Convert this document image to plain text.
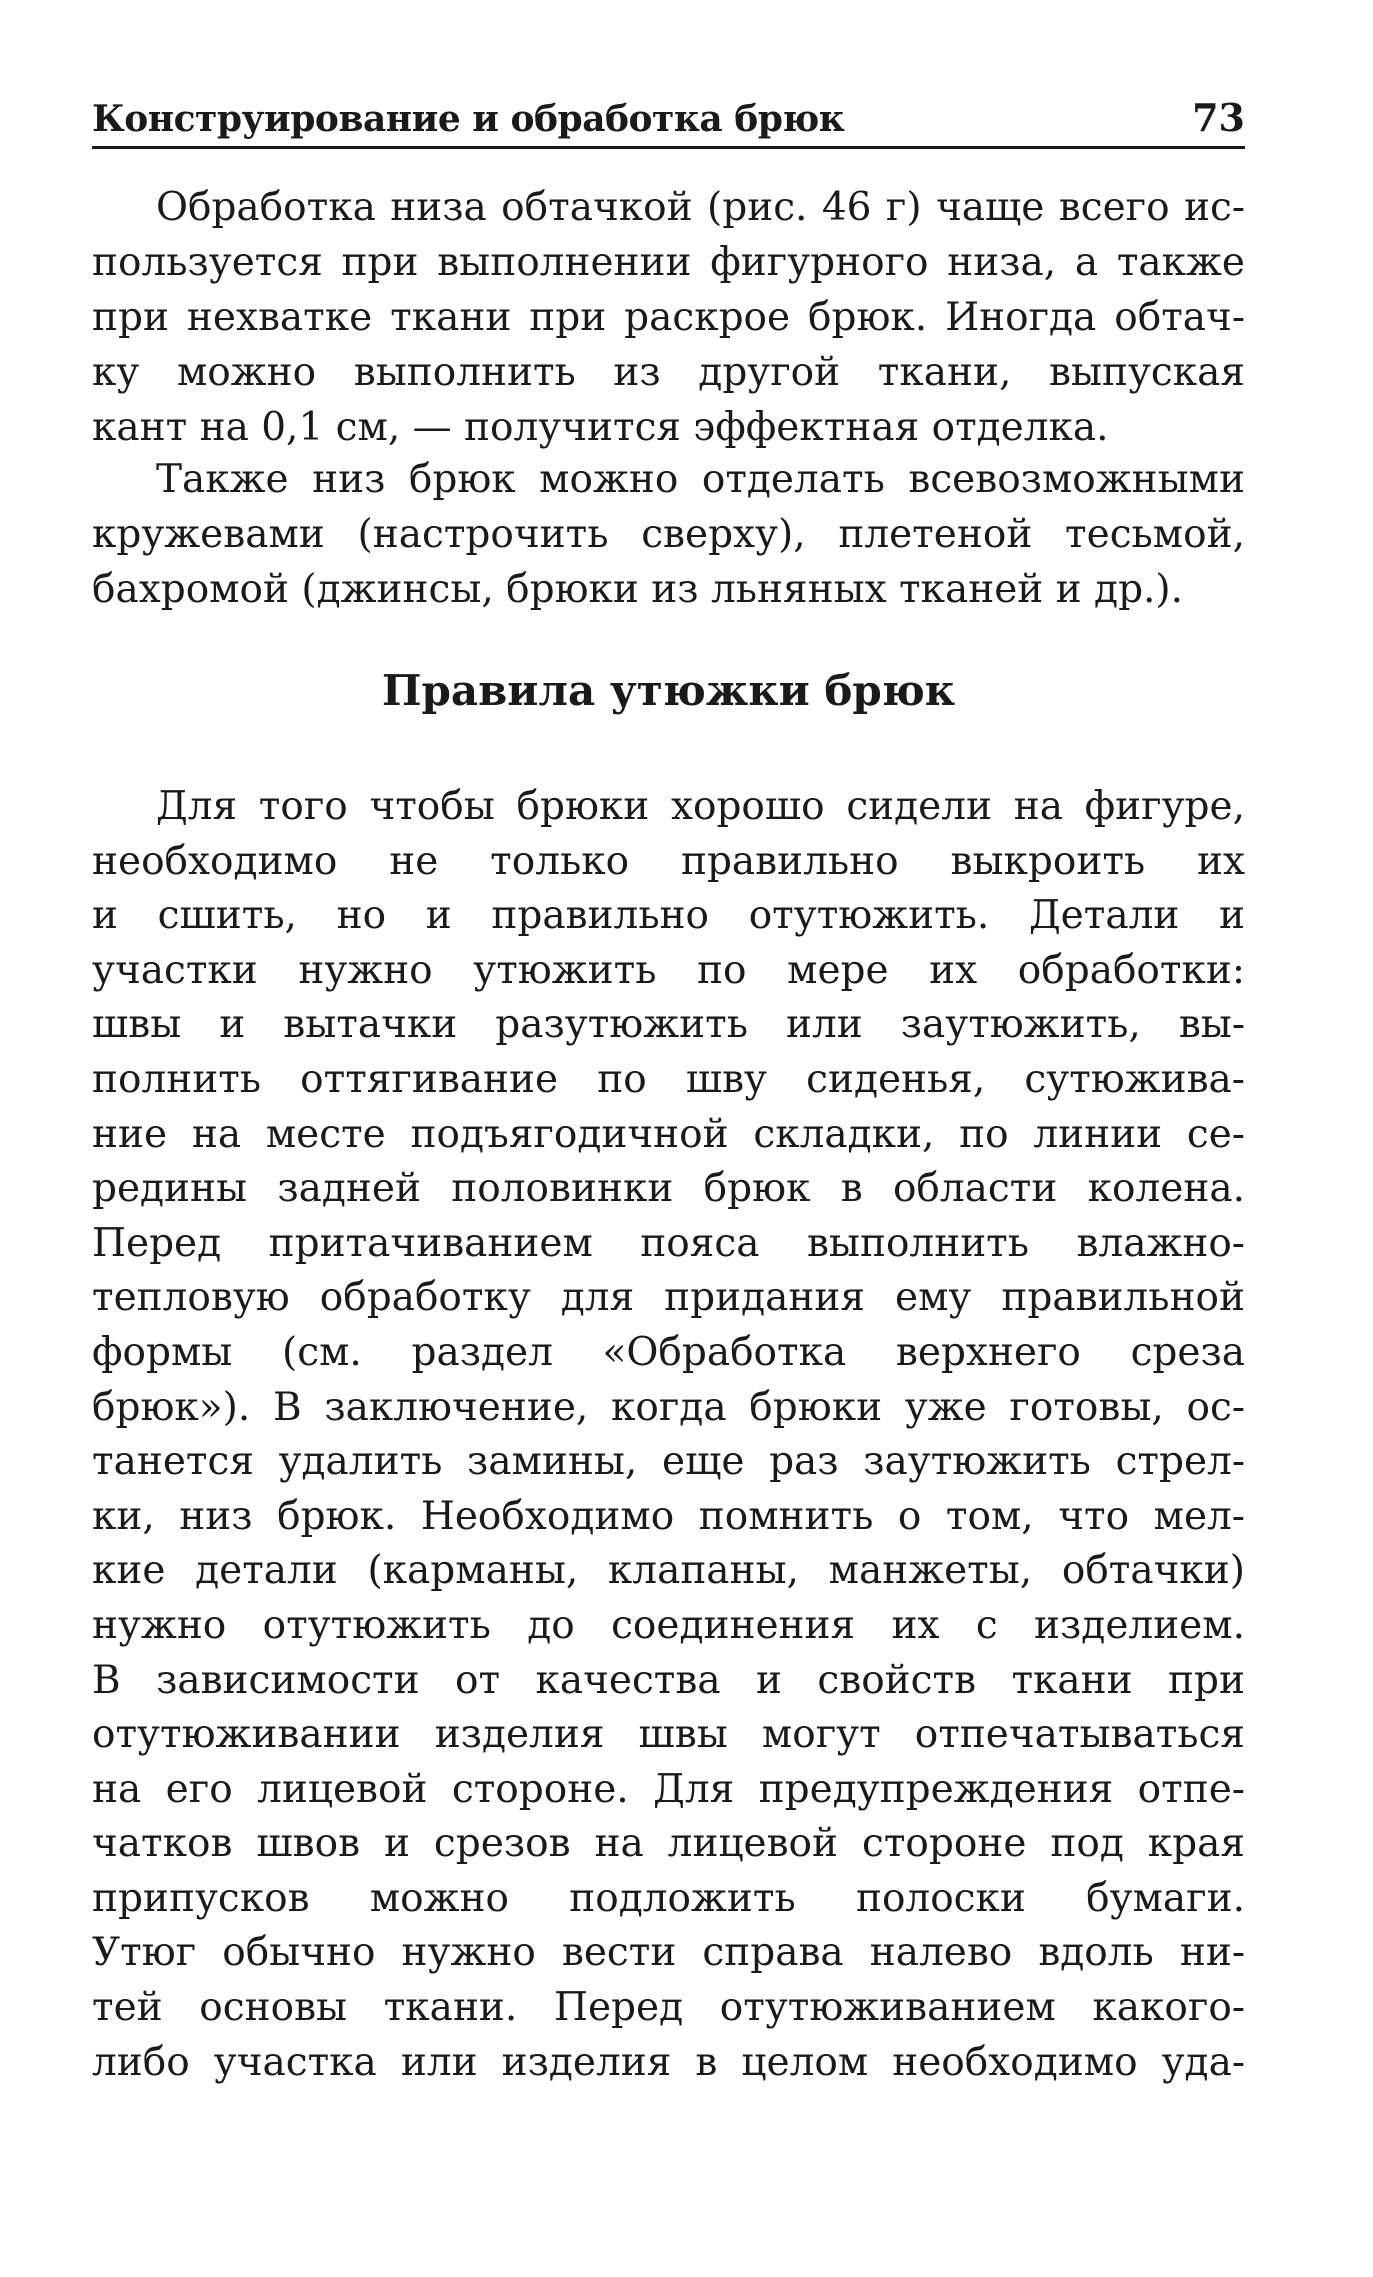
Конструирование и обработка брюк	73
Обработка низа обтачкой (рис. 46 г) чаще всего ис-
пользуется при выполнении фигурного низа, а также
при нехватке ткани при раскрое брюк. Иногда обтач-
ку можно выполнить из другой ткани, выпуская
кант на 0,1 см, — получится эффектная отделка.
Также низ брюк можно отделать всевозможными
кружевами (настрочить сверху), плетеной тесьмой,
бахромой (джинсы, брюки из льняных тканей и др.).
Правила утюжки брюк
Для того чтобы брюки хорошо сидели на фигуре,
необходимо не только правильно выкроить их
и сшить, но и правильно отутюжить. Детали и
участки нужно утюжить по мере их обработки:
швы и вытачки разутюжить или заутюжить, вы-
полнить оттягивание по шву сиденья, сутюжива-
ние на месте подъягодичной складки, по линии се-
редины задней половинки брюк в области колена.
Перед притачиванием пояса выполнить влажно-
тепловую обработку для придания ему правильной
формы (см. раздел «Обработка верхнего среза
брюк»). В заключение, когда брюки уже готовы, ос-
танется удалить замины, еще раз заутюжить стрел-
ки, низ брюк. Необходимо помнить о том, что мел-
кие детали (карманы, клапаны, манжеты, обтачки)
нужно отутюжить до соединения их с изделием.
В зависимости от качества и свойств ткани при
отутюживании изделия швы могут отпечатываться
на его лицевой стороне. Для предупреждения отпе-
чатков швов и срезов на лицевой стороне под края
припусков можно подложить полоски бумаги.
Утюг обычно нужно вести справа налево вдоль ни-
тей основы ткани. Перед отутюживанием какого-
либо участка или изделия в целом необходимо уда-
